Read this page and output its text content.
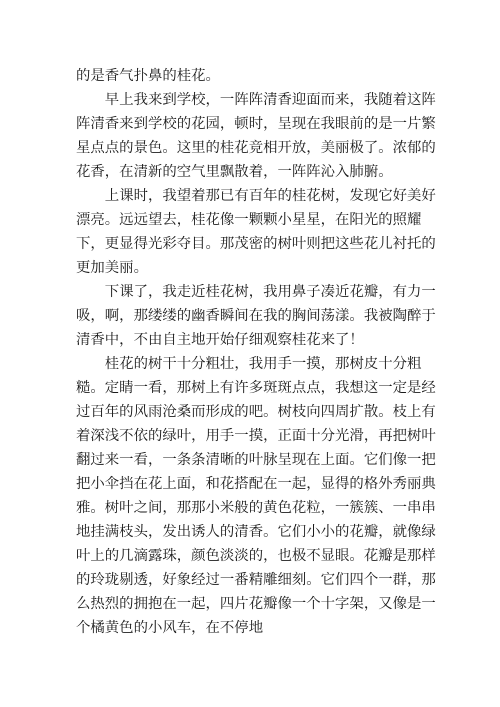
的是香气扑鼻的桂花。

早上我来到学校，一阵阵清香迎面而来，我随着这阵阵清香来到学校的花园，顿时，呈现在我眼前的是一片繁星点点的景色。这里的桂花竞相开放，美丽极了。浓郁的花香，在清新的空气里飘散着，一阵阵沁入肺腑。

上课时，我望着那已有百年的桂花树，发现它好美好漂亮。远远望去，桂花像一颗颗小星星，在阳光的照耀下，更显得光彩夺目。那茂密的树叶则把这些花儿衬托的更加美丽。

下课了，我走近桂花树，我用鼻子凑近花瓣，有力一吸，啊，那缕缕的幽香瞬间在我的胸间荡漾。我被陶醉于清香中，不由自主地开始仔细观察桂花来了！

桂花的树干十分粗壮，我用手一摸，那树皮十分粗糙。定睛一看，那树上有许多斑斑点点，我想这一定是经过百年的风雨沧桑而形成的吧。树枝向四周扩散。枝上有着深浅不依的绿叶，用手一摸，正面十分光滑，再把树叶翻过来一看，一条条清晰的叶脉呈现在上面。它们像一把把小伞挡在花上面，和花搭配在一起，显得的格外秀丽典雅。树叶之间，那那小米般的黄色花粒，一簇簇、一串串地挂满枝头，发出诱人的清香。它们小小的花瓣，就像绿叶上的几滴露珠，颜色淡淡的，也极不显眼。花瓣是那样的玲珑剔透，好象经过一番精雕细刻。它们四个一群，那么热烈的拥抱在一起，四片花瓣像一个十字架，又像是一个橘黄色的小风车，在不停地
